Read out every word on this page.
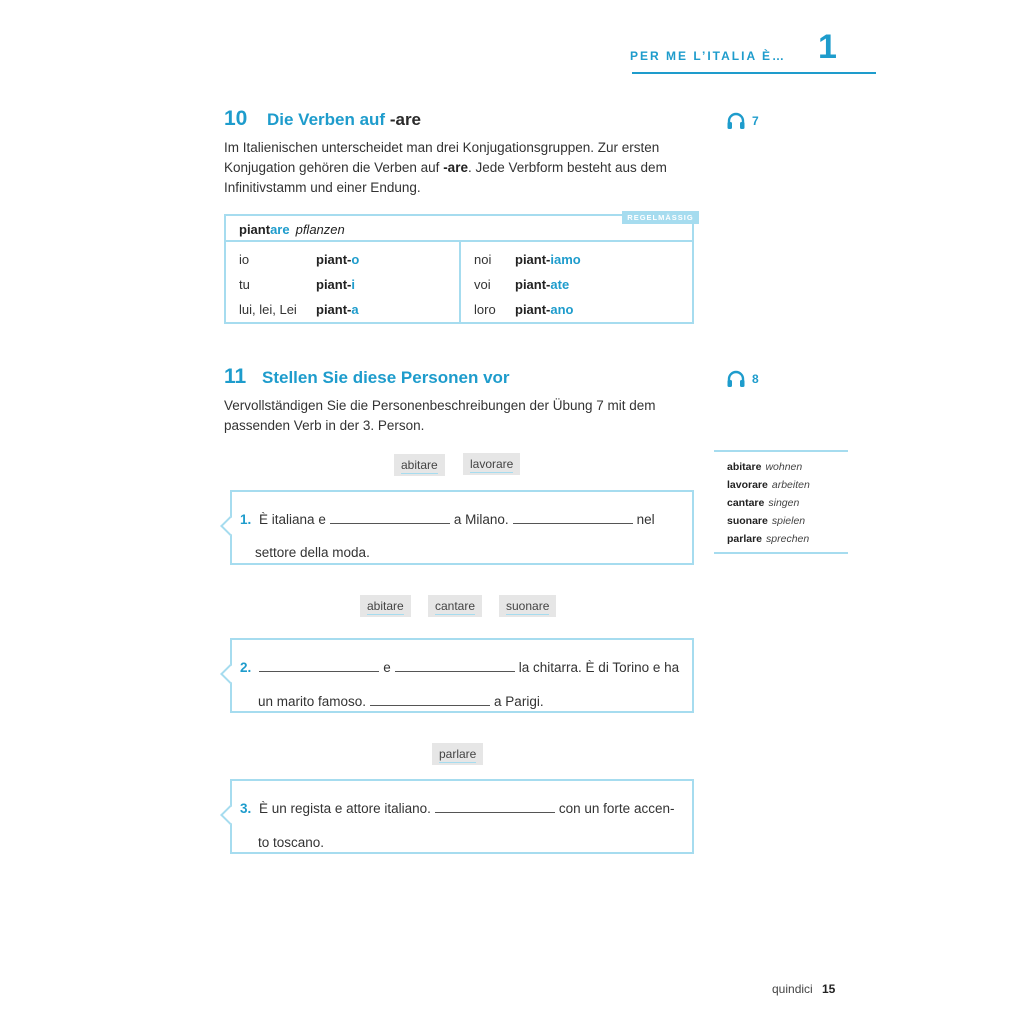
PER ME L’ITALIA È… 1
10 Die Verben auf -are	7
Im Italienischen unterscheidet man drei Konjugationsgruppen. Zur ersten
Konjugation gehören die Verben auf -are. Jede Verbform besteht aus dem
Infinitivstamm und einer Endung.
piantare pflanzen
io	piant- o
tu	piant- i
lui, lei, Lei	piant- a
noi	piant- iamo
voi	piant- ate
loro	piant- ano
REGELMÄSSIG
11 Stellen Sie diese Personen vor	8
Vervollständigen Sie die Personenbeschreibungen der Übung 7 mit dem
passenden Verb in der 3. Person.
abitare	lavorare
1. È italiana e	a Milano.	nel
settore della moda.
abitare	cantare	suonare
2.	e	la chitarra. È di Torino e ha
un marito famoso.	a Parigi.
parlare
3. È un regista e attore italiano.	con un forte accen-
to toscano.
abitare wohnen
lavorare arbeiten
cantare singen
suonare spielen
parlare sprechen
quindici 15
